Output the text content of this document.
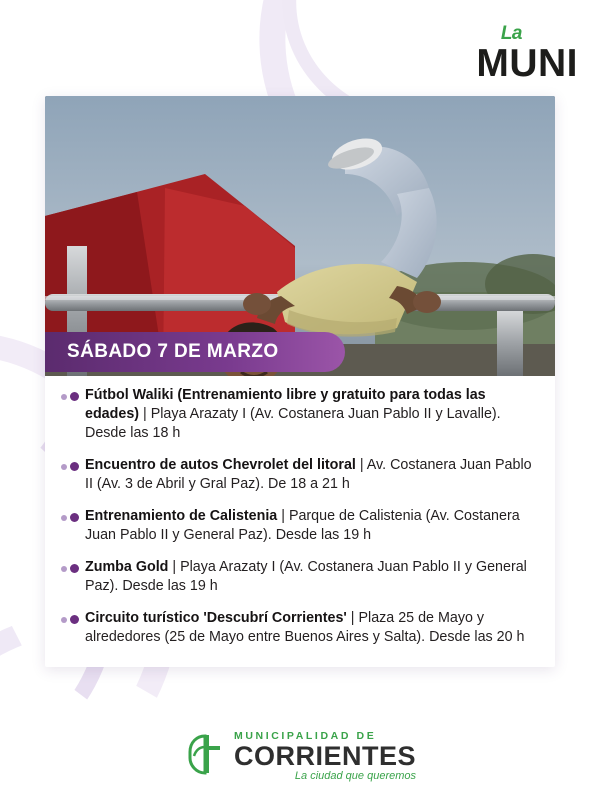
La
MUNI
SÁBADO 7 DE MARZO
Fútbol Waliki (Entrenamiento libre y gratuito para todas las edades) | Playa Arazaty I (Av. Costanera Juan Pablo II y Lavalle). Desde las 18 h
Encuentro de autos Chevrolet del litoral | Av. Costanera Juan Pablo II (Av. 3 de Abril y Gral Paz). De 18 a 21 h
Entrenamiento de Calistenia | Parque de Calistenia (Av. Costanera Juan Pablo II y General Paz). Desde las 19 h
Zumba Gold | Playa Arazaty I (Av. Costanera Juan Pablo II y General Paz). Desde las 19 h
Circuito turístico 'Descubrí Corrientes' | Plaza 25 de Mayo y alrededores (25 de Mayo entre Buenos Aires y Salta). Desde las 20 h
MUNICIPALIDAD DE
CORRIENTES
La ciudad que queremos
